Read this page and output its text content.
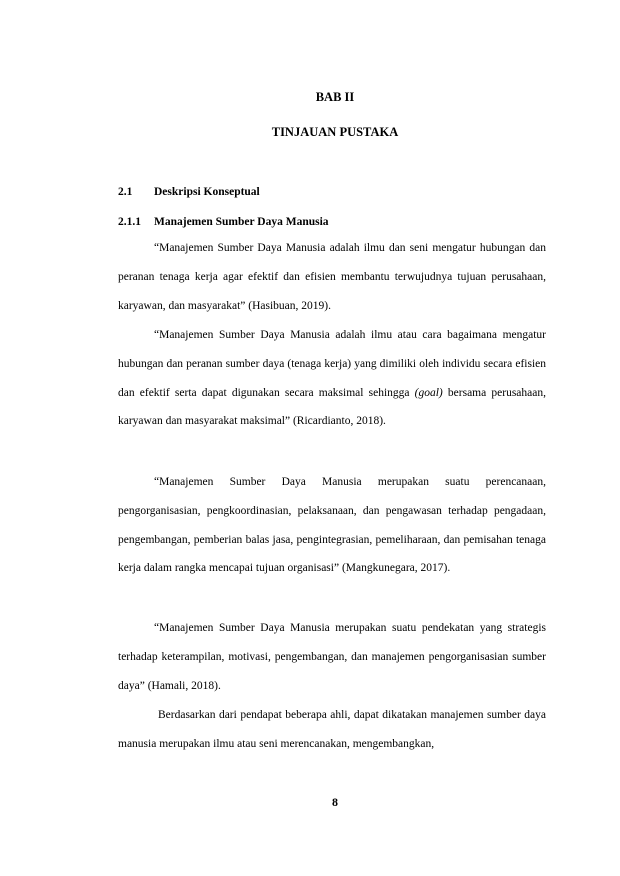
BAB II
TINJAUAN PUSTAKA
2.1 Deskripsi Konseptual
2.1.1 Manajemen Sumber Daya Manusia

“Manajemen Sumber Daya Manusia adalah ilmu dan seni mengatur hubungan dan peranan tenaga kerja agar efektif dan efisien membantu terwujudnya tujuan perusahaan, karyawan, dan masyarakat” (Hasibuan, 2019).

“Manajemen Sumber Daya Manusia adalah ilmu atau cara bagaimana mengatur hubungan dan peranan sumber daya (tenaga kerja) yang dimiliki oleh individu secara efisien dan efektif serta dapat digunakan secara maksimal sehingga (goal) bersama perusahaan, karyawan dan masyarakat maksimal” (Ricardianto, 2018).

“Manajemen Sumber Daya Manusia merupakan suatu perencanaan, pengorganisasian, pengkoordinasian, pelaksanaan, dan pengawasan terhadap pengadaan, pengembangan, pemberian balas jasa, pengintegrasian, pemeliharaan, dan pemisahan tenaga kerja dalam rangka mencapai tujuan organisasi” (Mangkunegara, 2017).

“Manajemen Sumber Daya Manusia merupakan suatu pendekatan yang strategis terhadap keterampilan, motivasi, pengembangan, dan manajemen pengorganisasian sumber daya” (Hamali, 2018).

Berdasarkan dari pendapat beberapa ahli, dapat dikatakan manajemen sumber daya manusia merupakan ilmu atau seni merencanakan, mengembangkan,

8
